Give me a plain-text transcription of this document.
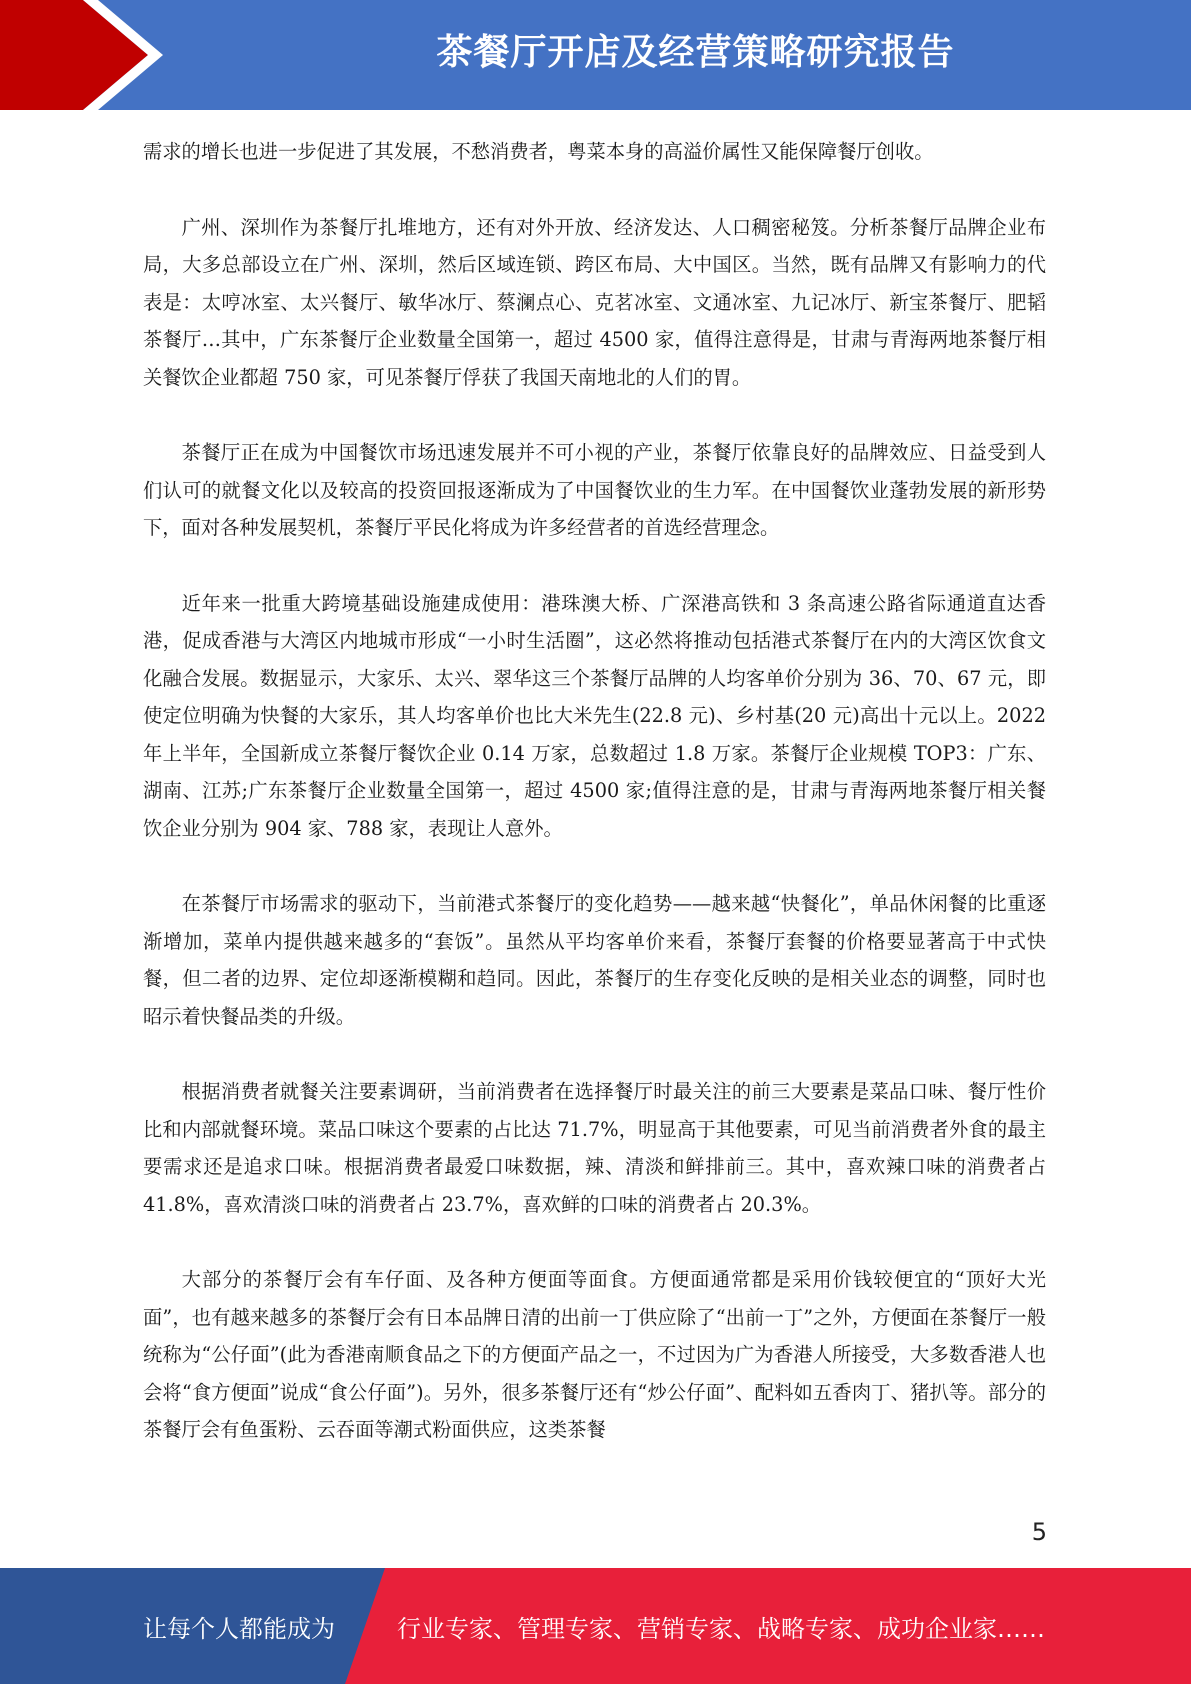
茶餐厅开店及经营策略研究报告

需求的增长也进一步促进了其发展，不愁消费者，粤菜本身的高溢价属性又能保障餐厅创收。

广州、深圳作为茶餐厅扎堆地方，还有对外开放、经济发达、人口稠密秘笈。分析茶餐厅品牌企业布局，大多总部设立在广州、深圳，然后区域连锁、跨区布局、大中国区。当然，既有品牌又有影响力的代表是：太哼冰室、太兴餐厅、敏华冰厅、蔡澜点心、克茗冰室、文通冰室、九记冰厅、新宝茶餐厅、肥韬茶餐厅…其中，广东茶餐厅企业数量全国第一，超过 4500 家，值得注意得是，甘肃与青海两地茶餐厅相关餐饮企业都超 750 家，可见茶餐厅俘获了我国天南地北的人们的胃。

茶餐厅正在成为中国餐饮市场迅速发展并不可小视的产业，茶餐厅依靠良好的品牌效应、日益受到人们认可的就餐文化以及较高的投资回报逐渐成为了中国餐饮业的生力军。在中国餐饮业蓬勃发展的新形势下，面对各种发展契机，茶餐厅平民化将成为许多经营者的首选经营理念。

近年来一批重大跨境基础设施建成使用：港珠澳大桥、广深港高铁和 3 条高速公路省际通道直达香港，促成香港与大湾区内地城市形成“一小时生活圈”，这必然将推动包括港式茶餐厅在内的大湾区饮食文化融合发展。数据显示，大家乐、太兴、翠华这三个茶餐厅品牌的人均客单价分别为 36、70、67 元，即使定位明确为快餐的大家乐，其人均客单价也比大米先生(22.8 元)、乡村基(20 元)高出十元以上。2022 年上半年，全国新成立茶餐厅餐饮企业 0.14 万家，总数超过 1.8 万家。茶餐厅企业规模 TOP3：广东、湖南、江苏;广东茶餐厅企业数量全国第一，超过 4500 家;值得注意的是，甘肃与青海两地茶餐厅相关餐饮企业分别为 904 家、788 家，表现让人意外。

在茶餐厅市场需求的驱动下，当前港式茶餐厅的变化趋势——越来越“快餐化”，单品休闲餐的比重逐渐增加，菜单内提供越来越多的“套饭”。虽然从平均客单价来看，茶餐厅套餐的价格要显著高于中式快餐，但二者的边界、定位却逐渐模糊和趋同。因此，茶餐厅的生存变化反映的是相关业态的调整，同时也昭示着快餐品类的升级。

根据消费者就餐关注要素调研，当前消费者在选择餐厅时最关注的前三大要素是菜品口味、餐厅性价比和内部就餐环境。菜品口味这个要素的占比达 71.7%，明显高于其他要素，可见当前消费者外食的最主要需求还是追求口味。根据消费者最爱口味数据，辣、清淡和鲜排前三。其中，喜欢辣口味的消费者占 41.8%，喜欢清淡口味的消费者占 23.7%，喜欢鲜的口味的消费者占 20.3%。

大部分的茶餐厅会有车仔面、及各种方便面等面食。方便面通常都是采用价钱较便宜的“顶好大光面”，也有越来越多的茶餐厅会有日本品牌日清的出前一丁供应除了“出前一丁”之外，方便面在茶餐厅一般统称为“公仔面”(此为香港南顺食品之下的方便面产品之一，不过因为广为香港人所接受，大多数香港人也会将“食方便面”说成“食公仔面”)。另外，很多茶餐厅还有“炒公仔面”、配料如五香肉丁、猪扒等。部分的茶餐厅会有鱼蛋粉、云吞面等潮式粉面供应，这类茶餐

5
让每个人都能成为	行业专家、管理专家、营销专家、战略专家、成功企业家……
